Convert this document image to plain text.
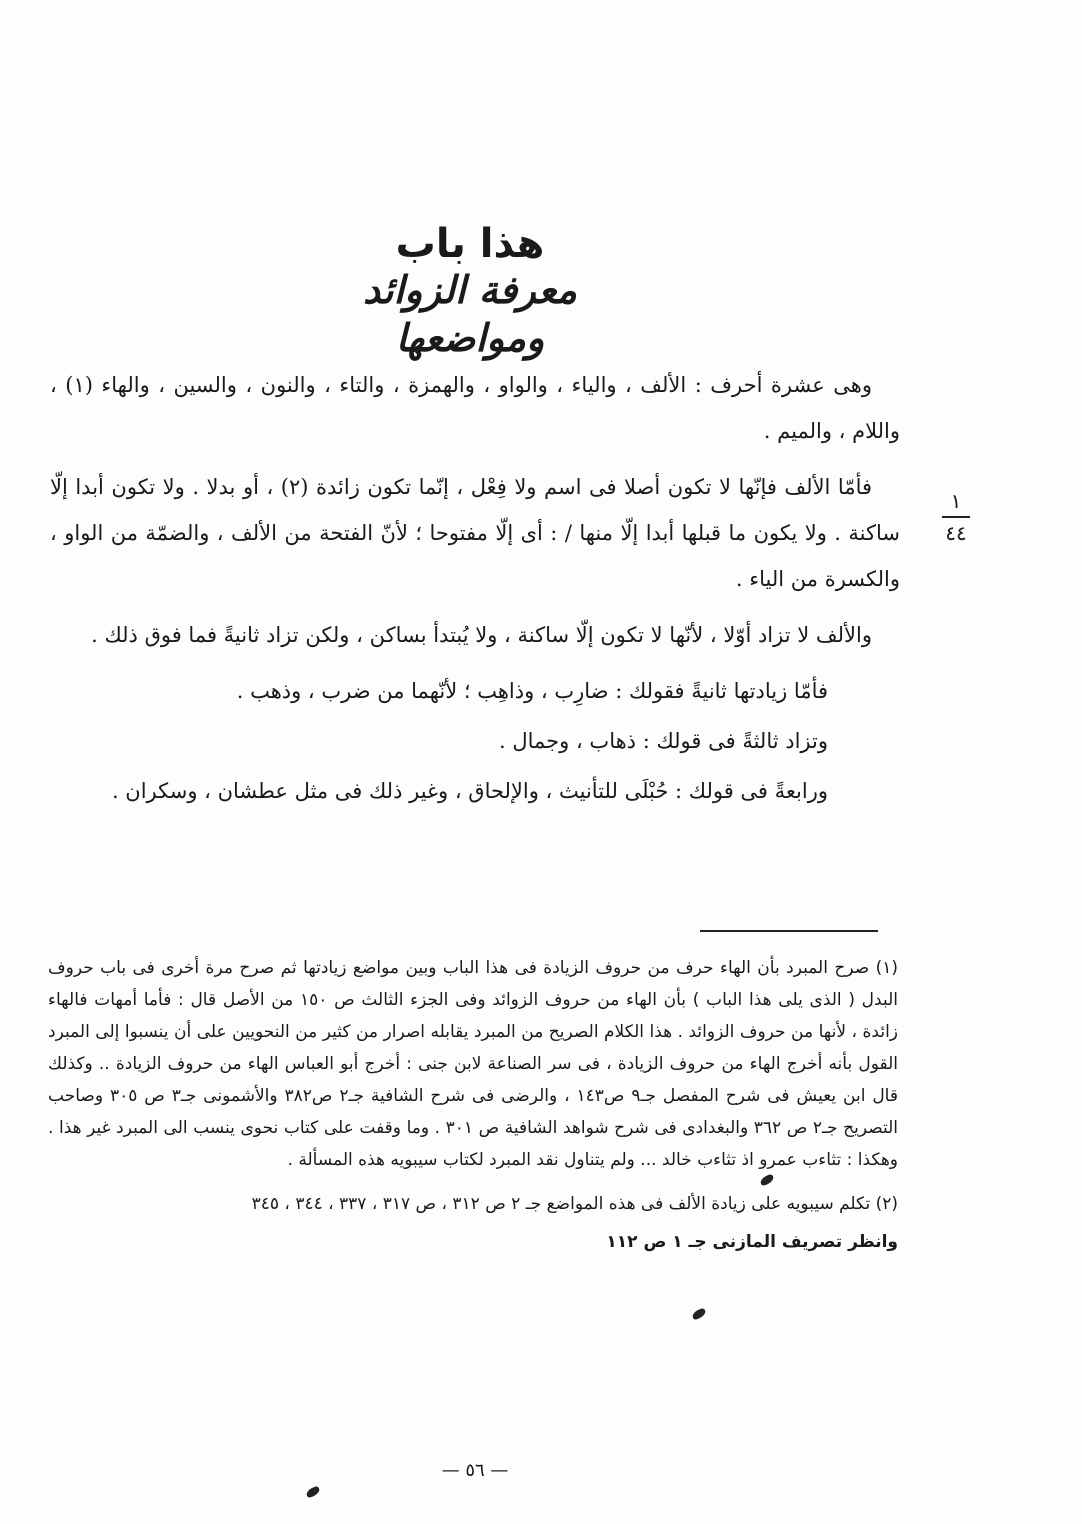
هذا باب
معرفة الزوائد ومواضعها
١
٤٤

وهى عشرة أحرف : الألف ، والياء ، والواو ، والهمزة ، والتاء ، والنون ، والسين ، والهاء (١) ، واللام ، والميم .

فأمّا الألف فإنّها لا تكون أصلا فى اسم ولا فِعْل ، إنّما تكون زائدة (٢) ، أو بدلا . ولا تكون أبدا إلّا ساكنة . ولا يكون ما قبلها أبدا إلّا منها / : أى إلّا مفتوحا ؛ لأنّ الفتحة من الألف ، والضمّة من الواو ، والكسرة من الياء .

والألف لا تزاد أوّلا ، لأنّها لا تكون إلّا ساكنة ، ولا يُبتدأ بساكن ، ولكن تزاد ثانيةً فما فوق ذلك .

فأمّا زيادتها ثانيةً فقولك : ضارِب ، وذاهِب ؛ لأنّهما من ضرب ، وذهب .

وتزاد ثالثةً فى قولك : ذهاب ، وجمال .

ورابعةً فى قولك : حُبْلَى للتأنيث ، والإلحاق ، وغير ذلك فى مثل عطشان ، وسكران .

(١) صرح المبرد بأن الهاء حرف من حروف الزيادة فى هذا الباب وبين مواضع زيادتها ثم صرح مرة أخرى فى باب حروف البدل ( الذى يلى هذا الباب ) بأن الهاء من حروف الزوائد وفى الجزء الثالث ص ١٥٠ من الأصل قال : فأما أمهات فالهاء زائدة ، لأنها من حروف الزوائد . هذا الكلام الصريح من المبرد يقابله اصرار من كثير من النحويين على أن ينسبوا إلى المبرد القول بأنه أخرج الهاء من حروف الزيادة ، فى سر الصناعة لابن جنى : أخرج أبو العباس الهاء من حروف الزيادة .. وكذلك قال ابن يعيش فى شرح المفصل جـ٩ ص١٤٣ ، والرضى فى شرح الشافية جـ٢ ص٣٨٢ والأشمونى جـ٣ ص ٣٠٥ وصاحب التصريح جـ٢ ص ٣٦٢ والبغدادى فى شرح شواهد الشافية ص ٣٠١ . وما وقفت على كتاب نحوى ينسب الى المبرد غير هذا . وهكذا : تثاءب عمرو اذ تثاءب خالد ... ولم يتناول نقد المبرد لكتاب سيبويه هذه المسألة .

(٢) تكلم سيبويه على زيادة الألف فى هذه المواضع جـ ٢ ص ٣١٢ ، ص ٣١٧ ، ٣٣٧ ، ٣٤٤ ، ٣٤٥

وانظر تصريف المازنى جـ ١ ص ١١٢

— ٥٦ —
